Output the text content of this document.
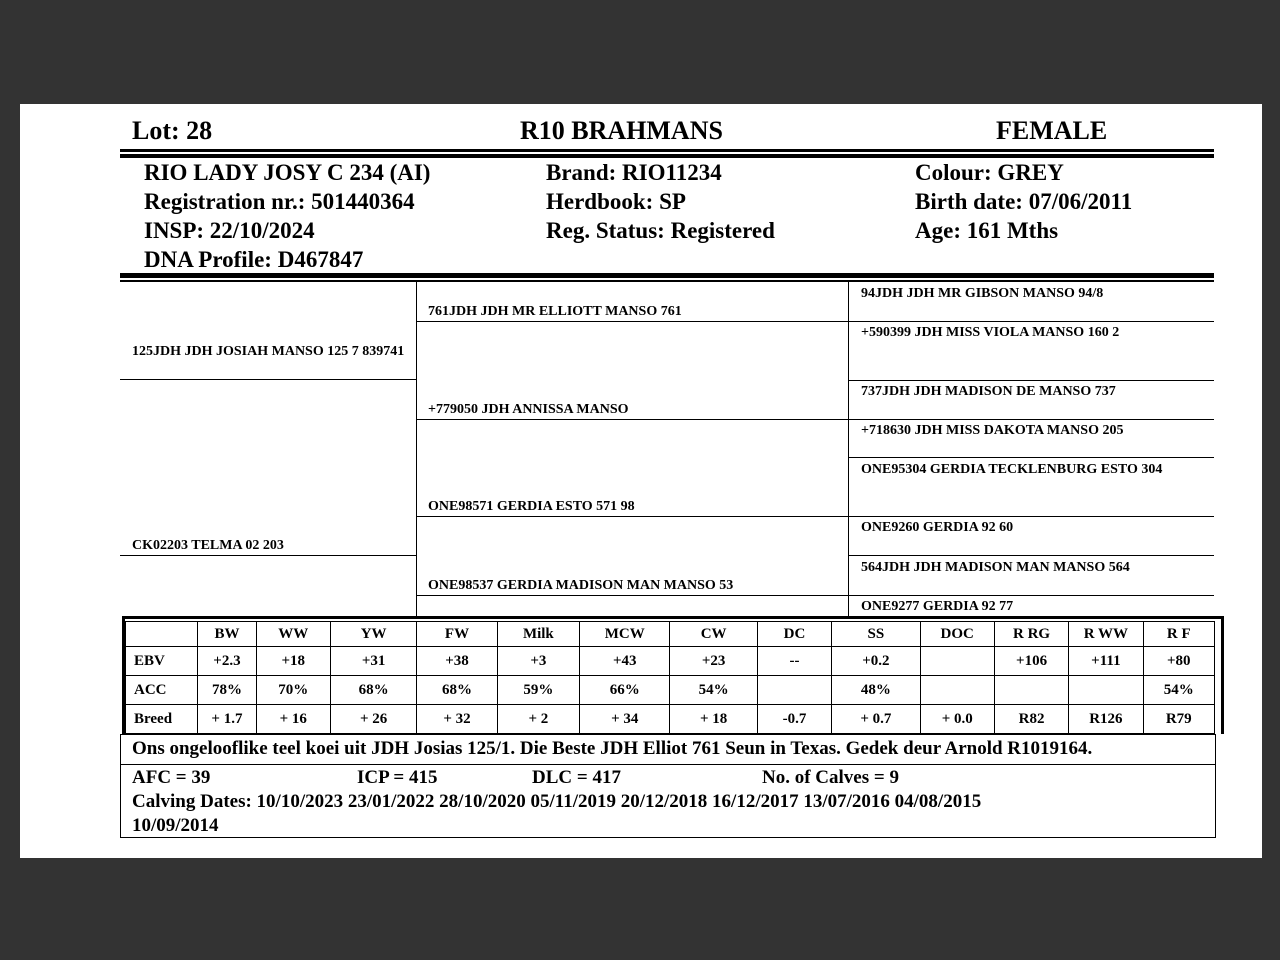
Lot: 28	R10 BRAHMANS	FEMALE
RIO LADY JOSY C 234 (AI)
Registration nr.: 501440364
INSP: 22/10/2024
DNA Profile: D467847
Brand: RIO11234
Herdbook: SP
Reg. Status: Registered
Colour: GREY
Birth date: 07/06/2011
Age: 161 Mths
125JDH JDH JOSIAH MANSO 125 7 839741
CK02203 TELMA 02 203
761JDH JDH MR ELLIOTT MANSO 761
+779050 JDH ANNISSA MANSO
ONE98571 GERDIA ESTO 571 98
ONE98537 GERDIA MADISON MAN MANSO 53
94JDH JDH MR GIBSON MANSO 94/8
+590399 JDH MISS VIOLA MANSO 160 2
737JDH JDH MADISON DE MANSO 737
+718630 JDH MISS DAKOTA MANSO 205
ONE95304 GERDIA TECKLENBURG ESTO 304
ONE9260 GERDIA 92 60
564JDH JDH MADISON MAN MANSO 564
ONE9277 GERDIA 92 77
	BW	WW	YW	FW	Milk	MCW	CW	DC	SS	DOC	R RG	R WW	R F
EBV	+2.3	+18	+31	+38	+3	+43	+23	--	+0.2		+106	+111	+80
ACC	78%	70%	68%	68%	59%	66%	54%		48%				54%
Breed	+ 1.7	+ 16	+ 26	+ 32	+ 2	+ 34	+ 18	-0.7	+ 0.7	+ 0.0	R82	R126	R79
Ons ongelooflike teel koei uit JDH Josias 125/1. Die Beste JDH Elliot 761 Seun in Texas. Gedek deur Arnold R1019164.
AFC = 39	ICP = 415	DLC = 417	No. of Calves = 9
Calving Dates: 10/10/2023 23/01/2022 28/10/2020 05/11/2019 20/12/2018 16/12/2017 13/07/2016 04/08/2015
10/09/2014
